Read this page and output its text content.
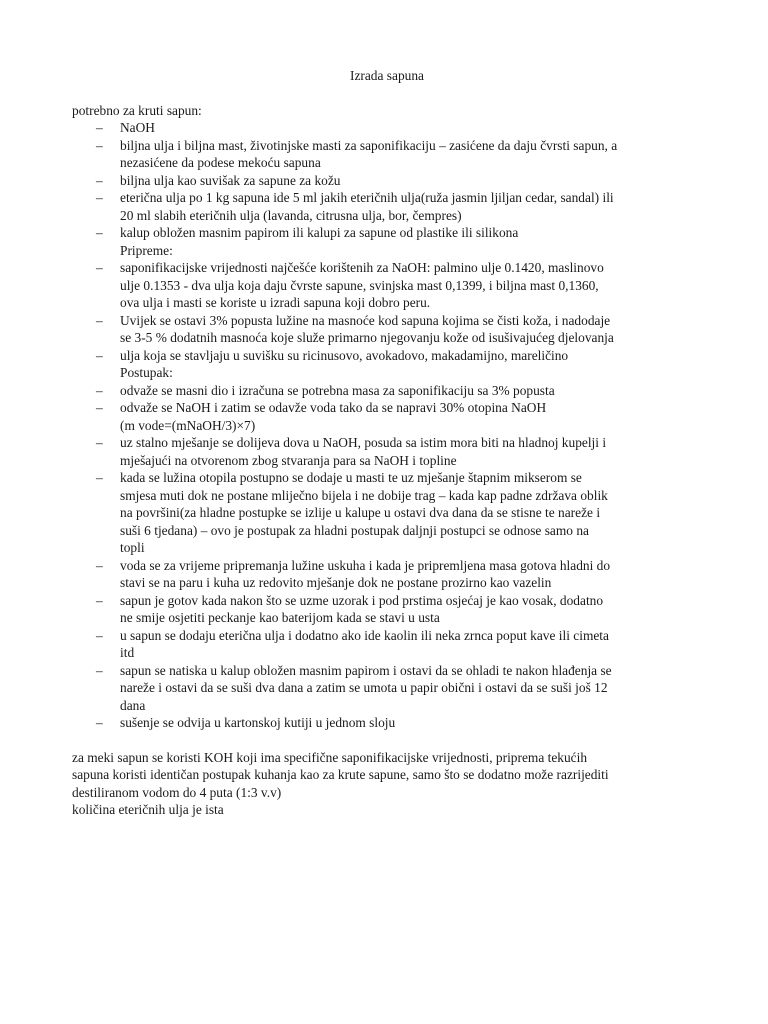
Izrada sapuna
potrebno za kruti sapun:
– NaOH
– biljna ulja i biljna mast, životinjske masti za saponifikaciju – zasićene da daju čvrsti sapun, a
nezasićene da podese mekoću sapuna
– biljna ulja kao suvišak za sapune za kožu
– eterična ulja po 1 kg sapuna ide 5 ml jakih eteričnih ulja(ruža jasmin ljiljan cedar, sandal) ili
20 ml slabih eteričnih ulja (lavanda, citrusna ulja, bor, čempres)
– kalup obložen masnim papirom ili kalupi za sapune od plastike ili silikona
Pripreme:
– saponifikacijske vrijednosti najčešće korištenih za NaOH: palmino ulje 0.1420, maslinovo
ulje 0.1353 - dva ulja koja daju čvrste sapune, svinjska mast 0,1399, i biljna mast 0,1360,
ova ulja i masti se koriste u izradi sapuna koji dobro peru.
– Uvijek se ostavi 3% popusta lužine na masnoće kod sapuna kojima se čisti koža, i nadodaje
se 3-5 % dodatnih masnoća koje služe primarno njegovanju kože od isušivajućeg djelovanja
– ulja koja se stavljaju u suvišku su ricinusovo, avokadovo, makadamijno, mareličino
Postupak:
– odvaže se masni dio i izračuna se potrebna masa za saponifikaciju sa 3% popusta
– odvaže se NaOH i zatim se odavže voda tako da se napravi 30% otopina NaOH
(m vode=(mNaOH/3)×7)
– uz stalno mješanje se dolijeva dova u NaOH, posuda sa istim mora biti na hladnoj kupelji i
mješajući na otvorenom zbog stvaranja para sa NaOH i topline
– kada se lužina otopila postupno se dodaje u masti te uz mješanje štapnim mikserom se
smjesa muti dok ne postane mliječno bijela i ne dobije trag – kada kap padne zdržava oblik
na površini(za hladne postupke se izlije u kalupe u ostavi dva dana da se stisne te nareže i
suši 6 tjedana) – ovo je postupak za hladni postupak daljnji postupci se odnose samo na
topli
– voda se za vrijeme pripremanja lužine uskuha i kada je pripremljena masa gotova hladni do
stavi se na paru i kuha uz redovito mješanje dok ne postane prozirno kao vazelin
– sapun je gotov kada nakon što se uzme uzorak i pod prstima osjećaj je kao vosak, dodatno
ne smije osjetiti peckanje kao baterijom kada se stavi u usta
– u sapun se dodaju eterična ulja i dodatno ako ide kaolin ili neka zrnca poput kave ili cimeta
itd
– sapun se natiska u kalup obložen masnim papirom i ostavi da se ohladi te nakon hlađenja se
nareže i ostavi da se suši dva dana a zatim se umota u papir obični i ostavi da se suši još 12
dana
– sušenje se odvija u kartonskoj kutiji u jednom sloju
za meki sapun se koristi KOH koji ima specifične saponifikacijske vrijednosti, priprema tekućih
sapuna koristi identičan postupak kuhanja kao za krute sapune, samo što se dodatno može razrijediti
destiliranom vodom do 4 puta (1:3 v.v)
količina eteričnih ulja je ista
